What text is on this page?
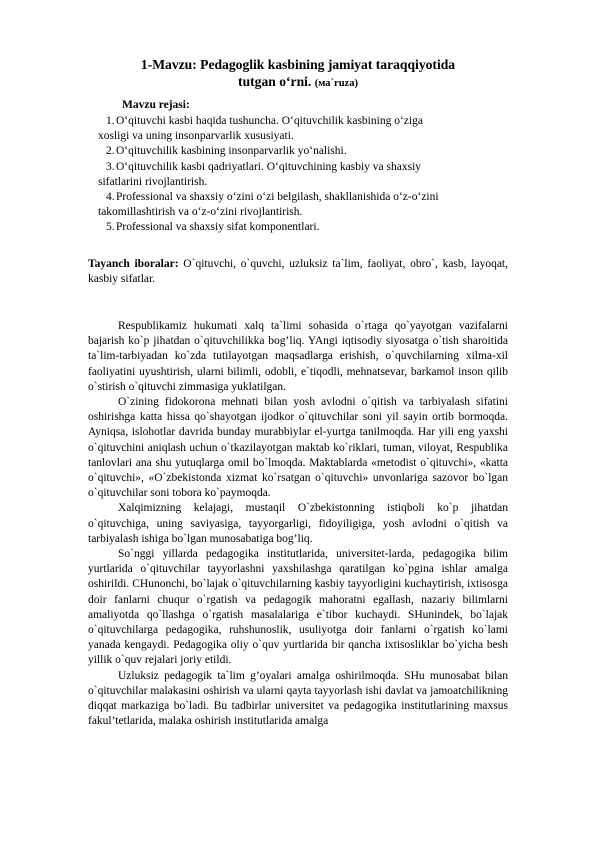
1-Mavzu: Pedagoglik kasbining jamiyat taraqqiyotida
tutgan o‘rni. (ма`ruza)
Mavzu rejasi:
1. O‘qituvchi kasbi haqida tushuncha. O‘qituvchilik kasbining o‘ziga
xosligi va uning insonparvarlik xususiyati.
2. O‘qituvchilik kasbining insonparvarlik yo‘nalishi.
3. O‘qituvchilik kasbi qadriyatlari. O‘qituvchining kasbiy va shaxsiy
sifatlarini rivojlantirish.
4. Professional va shaxsiy o‘zini o‘zi belgilash, shakllanishida o‘z-o‘zini
takomillashtirish va o‘z-o‘zini rivojlantirish.
5. Professional va shaxsiy sifat komponentlari.
Tayanch iboralar: O`qituvchi, o`quvchi, uzluksiz ta`lim, faoliyat, obro`, kasb, layoqat, kasbiy sifatlar.

Respublikamiz hukumati xalq ta`limi sohasida o`rtaga qo`yayotgan vazifalarni bajarish ko`p jihatdan o`qituvchilikka bog’liq. YAngi iqtisodiy siyosatga o`tish sharoitida ta`lim-tarbiyadan ko`zda tutilayotgan maqsadlarga erishish, o`quvchilarning xilma-xil faoliyatini uyushtirish, ularni bilimli, odobli, e`tiqodli, mehnatsevar, barkamol inson qilib o`stirish o`qituvchi zimmasiga yuklatilgan.

O`zining fidokorona mehnati bilan yosh avlodni o`qitish va tarbiyalash sifatini oshirishga katta hissa qo`shayotgan ijodkor o`qituvchilar soni yil sayin ortib bormoqda. Ayniqsa, islohotlar davrida bunday murabbiylar el-yurtga tanilmoqda. Har yili eng yaxshi o`qituvchini aniqlash uchun o`tkazilayotgan maktab ko`riklari, tuman, viloyat, Respublika tanlovlari ana shu yutuqlarga omil bo`lmoqda. Maktablarda «metodist o`qituvchi», «katta o`qituvchi», «O`zbekistonda xizmat ko`rsatgan o`qituvchi» unvonlariga sazovor bo`lgan o`qituvchilar soni tobora ko`paymoqda.

Xalqimizning kelajagi, mustaqil O`zbekistonning istiqboli ko`p jihatdan o`qituvchiga, uning saviyasiga, tayyorgarligi, fidoyiligiga, yosh avlodni o`qitish va tarbiyalash ishiga bo`lgan munosabatiga bog’liq.

So`nggi yillarda pedagogika institutlarida, universitet-larda, pedagogika bilim yurtlarida o`qituvchilar tayyorlashni yaxshilashga qaratilgan ko`pgina ishlar amalga oshirildi. CHunonchi, bo`lajak o`qituvchilarning kasbiy tayyorligini kuchaytirish, ixtisosga doir fanlarni chuqur o`rgatish va pedagogik mahoratni egallash, nazariy bilimlarni amaliyotda qo`llashga o`rgatish masalalariga e`tibor kuchaydi. SHunindek, bo`lajak o`qituvchilarga pedagogika, ruhshunoslik, usuliyotga doir fanlarni o`rgatish ko`lami yanada kengaydi. Pedagogika oliy o`quv yurtlarida bir qancha ixtisosliklar bo`yicha besh yillik o`quv rejalari joriy etildi.

Uzluksiz pedagogik ta`lim g’oyalari amalga oshirilmoqda. SHu munosabat bilan o`qituvchilar malakasini oshirish va ularni qayta tayyorlash ishi davlat va jamoatchilikning diqqat markaziga bo`ladi. Bu tadbirlar universitet va pedagogika institutlarining maxsus fakul’tetlarida, malaka oshirish institutlarida amalga
